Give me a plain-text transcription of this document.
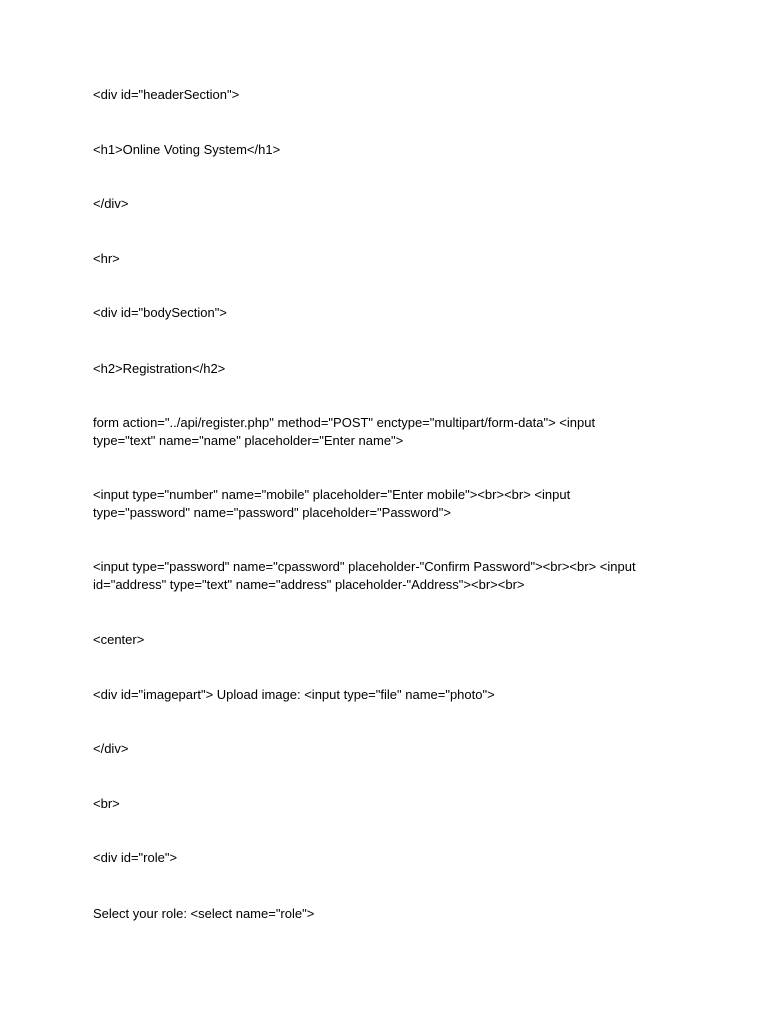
<div id="headerSection">

<h1>Online Voting System</h1>

</div>

<hr>

<div id="bodySection">

<h2>Registration</h2>

form action="../api/register.php" method="POST" enctype="multipart/form-data"> <input
type="text" name="name" placeholder="Enter name">

<input type="number" name="mobile" placeholder="Enter mobile"><br><br> <input
type="password" name="password" placeholder="Password">

<input type="password" name="cpassword" placeholder-"Confirm Password"><br><br> <input
id="address" type="text" name="address" placeholder-"Address"><br><br>

<center>

<div id="imagepart"> Upload image: <input type="file" name="photo">

</div>

<br>

<div id="role">

Select your role: <select name="role">
